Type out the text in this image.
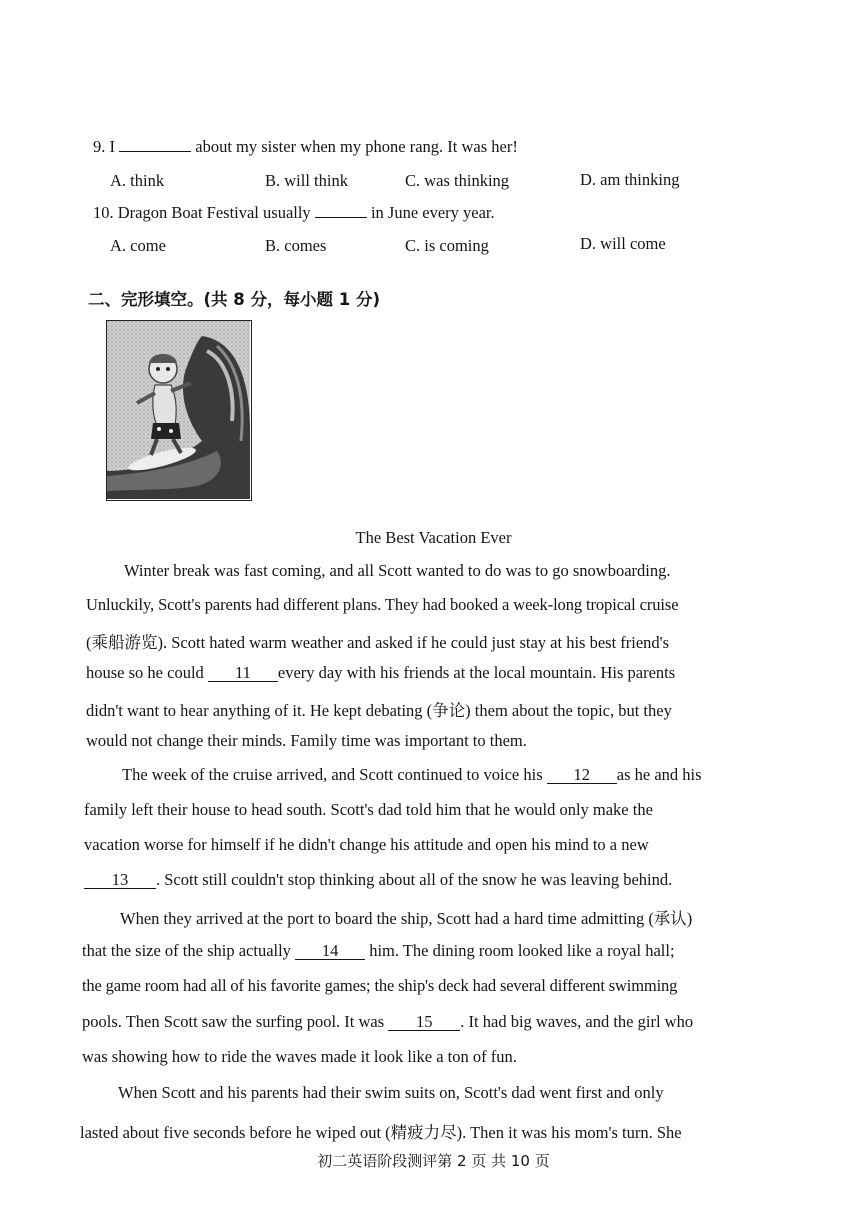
9. I	about my sister when my phone rang. It was her!
A. think	B. will think	C. was thinking	D. am thinking
10. Dragon Boat Festival usually	in June every year.
A. come	B. comes	C. is coming	D. will come
二、完形填空。(共 8 分，每小题 1 分)
The Best Vacation Ever
Winter break was fast coming, and all Scott wanted to do was to go snowboarding.
Unluckily, Scott's parents had different plans. They had booked a week-long tropical cruise
(乘船游览). Scott hated warm weather and asked if he could just stay at his best friend's
house so he could 11 every day with his friends at the local mountain. His parents
didn't want to hear anything of it. He kept debating (争论) them about the topic, but they
would not change their minds. Family time was important to them.
The week of the cruise arrived, and Scott continued to voice his 12 as he and his
family left their house to head south. Scott's dad told him that he would only make the
vacation worse for himself if he didn't change his attitude and open his mind to a new
13 . Scott still couldn't stop thinking about all of the snow he was leaving behind.
When they arrived at the port to board the ship, Scott had a hard time admitting (承认)
that the size of the ship actually 14 him. The dining room looked like a royal hall;
the game room had all of his favorite games; the ship's deck had several different swimming
pools. Then Scott saw the surfing pool. It was 15 . It had big waves, and the girl who
was showing how to ride the waves made it look like a ton of fun.
When Scott and his parents had their swim suits on, Scott's dad went first and only
lasted about five seconds before he wiped out (精疲力尽). Then it was his mom's turn. She
初二英语阶段测评第 2 页 共 10 页
